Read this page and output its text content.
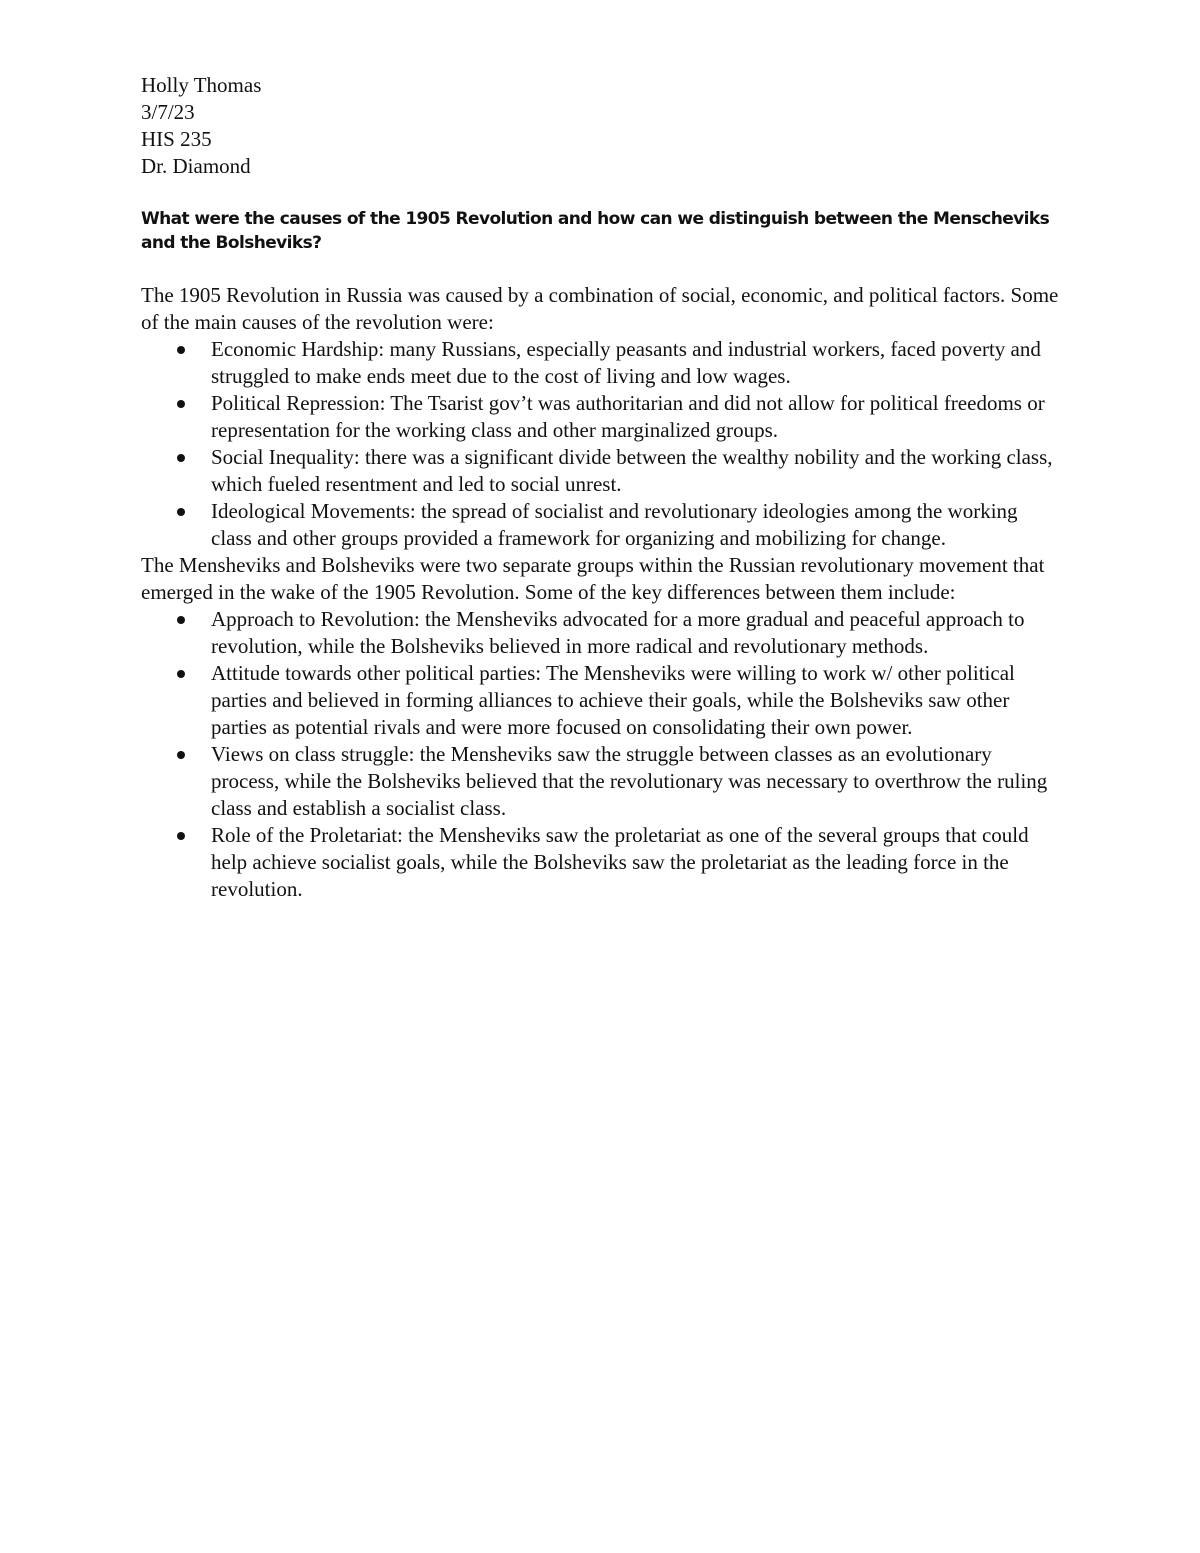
Holly Thomas

3/7/23

HIS 235

Dr. Diamond

What were the causes of the 1905 Revolution and how can we distinguish between the Menscheviks and the Bolsheviks?

The 1905 Revolution in Russia was caused by a combination of social, economic, and political factors. Some of the main causes of the revolution were:

Economic Hardship: many Russians, especially peasants and industrial workers, faced poverty and struggled to make ends meet due to the cost of living and low wages.
Political Repression: The Tsarist gov’t was authoritarian and did not allow for political freedoms or representation for the working class and other marginalized groups.
Social Inequality: there was a significant divide between the wealthy nobility and the working class, which fueled resentment and led to social unrest.
Ideological Movements: the spread of socialist and revolutionary ideologies among the working class and other groups provided a framework for organizing and mobilizing for change.

The Mensheviks and Bolsheviks were two separate groups within the Russian revolutionary movement that emerged in the wake of the 1905 Revolution. Some of the key differences between them include:

Approach to Revolution: the Mensheviks advocated for a more gradual and peaceful approach to revolution, while the Bolsheviks believed in more radical and revolutionary methods.
Attitude towards other political parties: The Mensheviks were willing to work w/ other political parties and believed in forming alliances to achieve their goals, while the Bolsheviks saw other parties as potential rivals and were more focused on consolidating their own power.
Views on class struggle: the Mensheviks saw the struggle between classes as an evolutionary process, while the Bolsheviks believed that the revolutionary was necessary to overthrow the ruling class and establish a socialist class.
Role of the Proletariat: the Mensheviks saw the proletariat as one of the several groups that could help achieve socialist goals, while the Bolsheviks saw the proletariat as the leading force in the revolution.
